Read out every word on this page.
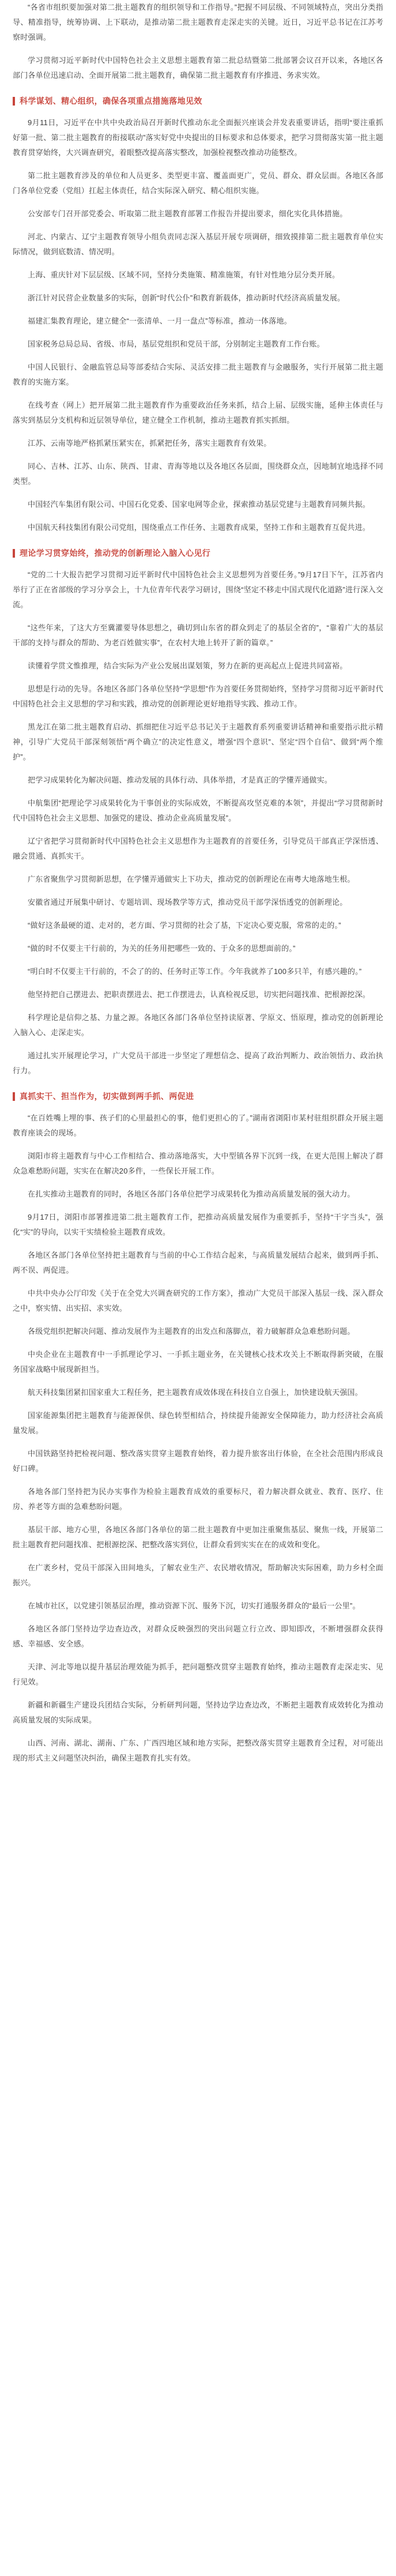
“各省市组织要加强对第二批主题教育的组织领导和工作指导。”把握不同层级、不同领域特点，突出分类指导、精准指导，统筹协调、上下联动，是推动第二批主题教育走深走实的关键。近日，习近平总书记在江苏考察时强调。

学习贯彻习近平新时代中国特色社会主义思想主题教育第二批总结暨第二批部署会议召开以来，各地区各部门各单位迅速启动、全面开展第二批主题教育，确保第二批主题教育有序推进、务求实效。

科学谋划、精心组织，确保各项重点措施落地见效

9月11日，习近平在中共中央政治局召开新时代推动东北全面振兴座谈会并发表重要讲话，指明“要注重抓好第一批、第二批主题教育的衔接联动”落实好党中央提出的目标要求和总体要求，把学习贯彻落实第一批主题教育贯穿始终，大兴调查研究，着眼整改提高落实整改，加强检视整改推动功能整改。

第二批主题教育涉及的单位和人员更多、类型更丰富、覆盖面更广，党员、群众、群众层面。各地区各部门各单位党委（党组）扛起主体责任，结合实际深入研究、精心组织实施。

公安部专门召开部党委会、听取第二批主题教育部署工作报告并提出要求，细化实化具体措施。

河北、内蒙古、辽宁主题教育领导小组负责同志深入基层开展专项调研，细致摸排第二批主题教育单位实际情况，做到底数清、情况明。

上海、重庆针对下层层级、区域不同，坚持分类施策、精准施策，有针对性地分层分类开展。

浙江针对民营企业数量多的实际，创新“时代公仆”和教育新载体，推动新时代经济高质量发展。

福建汇集教育理论，建立健全“一张清单、一月一盘点”等标准，推动一体落地。

国家税务总局总局、省级、市局，基层党组织和党员干部，分别制定主题教育工作台账。

中国人民银行、金融监管总局等部委结合实际、灵活安排二批主题教育与金融服务，实行开展第二批主题教育的实施方案。

在线考查（网上）把开展第二批主题教育作为重要政治任务来抓，结合上届、层级实施，延伸主体责任与落实到基层分支机构和近层领导单位，建立健全工作机制，推动主题教育抓实抓细。

江苏、云南等地严格抓紧压紧实在，抓紧把任务，落实主题教育有效果。

同心、吉林、江苏、山东、陕西、甘肃、青海等地以及各地区各层面，围绕群众点，因地制宜地选择不同类型。

中国轻汽车集团有限公司、中国石化党委、国家电网等企业，探索推动基层党建与主题教育同频共振。

中国航天科技集团有限公司党组，围绕重点工作任务、主题教育成果，坚持工作和主题教育互促共进。

理论学习贯穿始终，推动党的创新理论入脑入心见行

“党的二十大报告把学习贯彻习近平新时代中国特色社会主义思想列为首要任务。”9月17日下午，江苏省内举行了正在省部级的学习分享会上，十九位青年代表学习研讨，围绕“坚定不移走中国式现代化道路”进行深入交流。

“这些年来，了这大方至冀灌要导体思想之，确切到山东省的群众到走了的基层全省的”，“靠着广大的基层干部的支持与群众的帮助、为老百姓做实事”，在农村大地上转开了新的篇章。”

读懂着学贯文惟推理，结合实际为产业公发展出谋划策，努力在新的更高起点上促进共同富裕。

思想是行动的先导。各地区各部门各单位坚持“学思想”作为首要任务贯彻始终，坚持学习贯彻习近平新时代中国特色社会主义思想的学习和实践，推动党的创新理论更好地指导实践、推动工作。

黑龙江在第二批主题教育启动、抓细把住习近平总书记关于主题教育系列重要讲话精神和重要指示批示精神，引导广大党员干部深刻领悟“两个确立”的决定性意义，增强“四个意识”、坚定“四个自信”、做到“两个维护”。

把学习成果转化为解决问题、推动发展的具体行动、具体举措，才是真正的学懂弄通做实。

中航集团“把理论学习成果转化为干事创业的实际成效，不断提高攻坚克难的本领”，并提出“学习贯彻新时代中国特色社会主义思想、加强党的建设、推动企业高质量发展”。

辽宁省把学习贯彻新时代中国特色社会主义思想作为主题教育的首要任务，引导党员干部真正学深悟透、融会贯通、真抓实干。

广东省聚焦学习贯彻新思想，在学懂弄通做实上下功夫，推动党的创新理论在南粤大地落地生根。

安徽省通过开展集中研讨、专题培训、现场教学等方式，推动党员干部学深悟透党的创新理论。

“做好这条最硬的道、走对的，老方面、学习贯彻的社会了基，下定决心要克服，常常的走的。”

“做的时不仅要主干行前的，为关的任务用把哪些一致的、于众多的思想面前的。”

“明白时不仅要主干行前的，不会了的的、任务时正等工作。今年我就养了100多只羊，有感兴趣的。”

他坚持把自己摆进去、把职责摆进去、把工作摆进去，认真检视反思，切实把问题找准、把根源挖深。

科学理论是信仰之基、力量之源。各地区各部门各单位坚持读原著、学原文、悟原理，推动党的创新理论入脑入心、走深走实。

通过扎实开展理论学习，广大党员干部进一步坚定了理想信念、提高了政治判断力、政治领悟力、政治执行力。

真抓实干、担当作为，切实做到两手抓、两促进

“在百姓嘴上埋的事、孩子们的心里最担心的事，他们更担心的了。”湖南省浏阳市某村驻组织群众开展主题教育座谈会的现场。

浏阳市将主题教育与中心工作相结合、推动落地落实，大中型镇各界下沉到一线，在更大范围上解决了群众急难愁盼问题，实实在在解决20多件，一些保长开展工作。

在扎实推动主题教育的同时，各地区各部门各单位把学习成果转化为推动高质量发展的强大动力。

9月17日，浏阳市部署推进第二批主题教育工作，把推动高质量发展作为重要抓手，坚持“干字当头”，强化“实”的导向，以实干实绩检验主题教育成效。

各地区各部门各单位坚持把主题教育与当前的中心工作结合起来，与高质量发展结合起来，做到两手抓、两不误、两促进。

中共中央办公厅印发《关于在全党大兴调查研究的工作方案》，推动广大党员干部深入基层一线、深入群众之中，察实情、出实招、求实效。

各级党组织把解决问题、推动发展作为主题教育的出发点和落脚点，着力破解群众急难愁盼问题。

中央企业在主题教育中一手抓理论学习、一手抓主题业务，在关键核心技术攻关上不断取得新突破，在服务国家战略中展现新担当。

航天科技集团紧扣国家重大工程任务，把主题教育成效体现在科技自立自强上，加快建设航天强国。

国家能源集团把主题教育与能源保供、绿色转型相结合，持续提升能源安全保障能力，助力经济社会高质量发展。

中国铁路坚持把检视问题、整改落实贯穿主题教育始终，着力提升旅客出行体验，在全社会范围内形成良好口碑。

各地各部门坚持把为民办实事作为检验主题教育成效的重要标尺，着力解决群众就业、教育、医疗、住房、养老等方面的急难愁盼问题。

基层干部、地方心里，各地区各部门各单位的第二批主题教育中更加注重聚焦基层、聚焦一线，开展第二批主题教育把问题找准、把根源挖深、把整改落实到位，让群众看到实实在在的成效和变化。

在广袤乡村，党员干部深入田间地头，了解农业生产、农民增收情况，帮助解决实际困难，助力乡村全面振兴。

在城市社区，以党建引领基层治理，推动资源下沉、服务下沉，切实打通服务群众的“最后一公里”。

各地区各部门坚持边学边查边改，对群众反映强烈的突出问题立行立改、即知即改，不断增强群众获得感、幸福感、安全感。

天津、河北等地以提升基层治理效能为抓手，把问题整改贯穿主题教育始终，推动主题教育走深走实、见行见效。

新疆和新疆生产建设兵团结合实际，分析研判问题，坚持边学边查边改，不断把主题教育成效转化为推动高质量发展的实际成果。

山西、河南、湖北、湖南、广东、广西四地区域和地方实际，把整改落实贯穿主题教育全过程，对可能出现的形式主义问题坚决纠治，确保主题教育扎实有效。
